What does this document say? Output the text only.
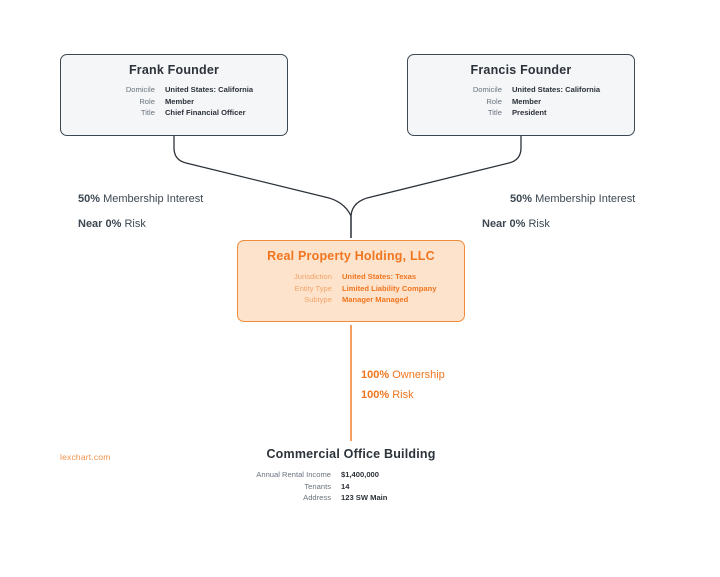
Frank Founder
Domicile	United States: California
Role	Member
Title	Chief Financial Officer
Francis Founder
Domicile	United States: California
Role	Member
Title	President
Real Property Holding, LLC
Jurisdiction	United States: Texas
Entity Type	Limited Liability Company
Subtype	Manager Managed
Commercial Office Building
Annual Rental Income	$1,400,000
Tenants	14
Address	123 SW Main
50% Membership Interest
Near 0% Risk
50% Membership Interest
Near 0% Risk
100% Ownership
100% Risk
lexchart.com
